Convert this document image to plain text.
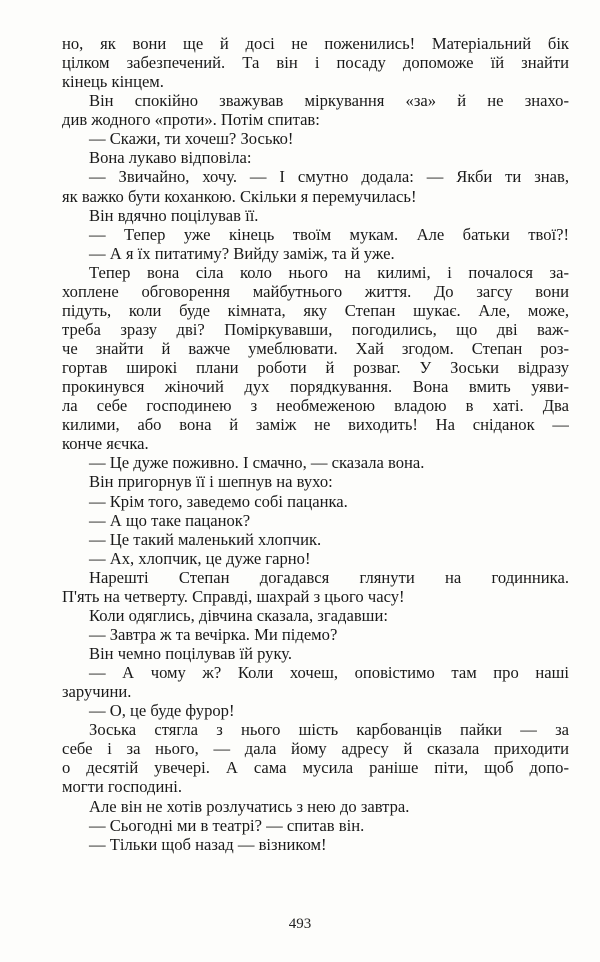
но, як вони ще й досі не поженились! Матеріальний бік
цілком забезпечений. Та він і посаду допоможе їй знайти
кінець кінцем.
Він спокійно зважував міркування «за» й не знахо-
див жодного «проти». Потім спитав:
— Скажи, ти хочеш? Зосько!
Вона лукаво відповіла:
— Звичайно, хочу. — І смутно додала: — Якби ти знав,
як важко бути коханкою. Скільки я перемучилась!
Він вдячно поцілував її.
— Тепер уже кінець твоїм мукам. Але батьки твої?!
— А я їх питатиму? Вийду заміж, та й уже.
Тепер вона сіла коло нього на килимі, і почалося за-
хоплене обговорення майбутнього життя. До загсу вони
підуть, коли буде кімната, яку Степан шукає. Але, може,
треба зразу дві? Поміркувавши, погодились, що дві важ-
че знайти й важче умеблювати. Хай згодом. Степан роз-
гортав широкі плани роботи й розваг. У Зоськи відразу
прокинувся жіночий дух порядкування. Вона вмить уяви-
ла себе господинею з необмеженою владою в хаті. Два
килими, або вона й заміж не виходить! На сніданок —
конче яєчка.
— Це дуже поживно. І смачно, — сказала вона.
Він пригорнув її і шепнув на вухо:
— Крім того, заведемо собі пацанка.
— А що таке пацанок?
— Це такий маленький хлопчик.
— Ах, хлопчик, це дуже гарно!
Нарешті Степан догадався глянути на годинника.
П'ять на четверту. Справді, шахрай з цього часу!
Коли одяглись, дівчина сказала, згадавши:
— Завтра ж та вечірка. Ми підемо?
Він чемно поцілував їй руку.
— А чому ж? Коли хочеш, оповістимо там про наші
заручини.
— О, це буде фурор!
Зоська стягла з нього шість карбованців пайки — за
себе і за нього, — дала йому адресу й сказала приходити
о десятій увечері. А сама мусила раніше піти, щоб допо-
могти господині.
Але він не хотів розлучатись з нею до завтра.
— Сьогодні ми в театрі? — спитав він.
— Тільки щоб назад — візником!
493
